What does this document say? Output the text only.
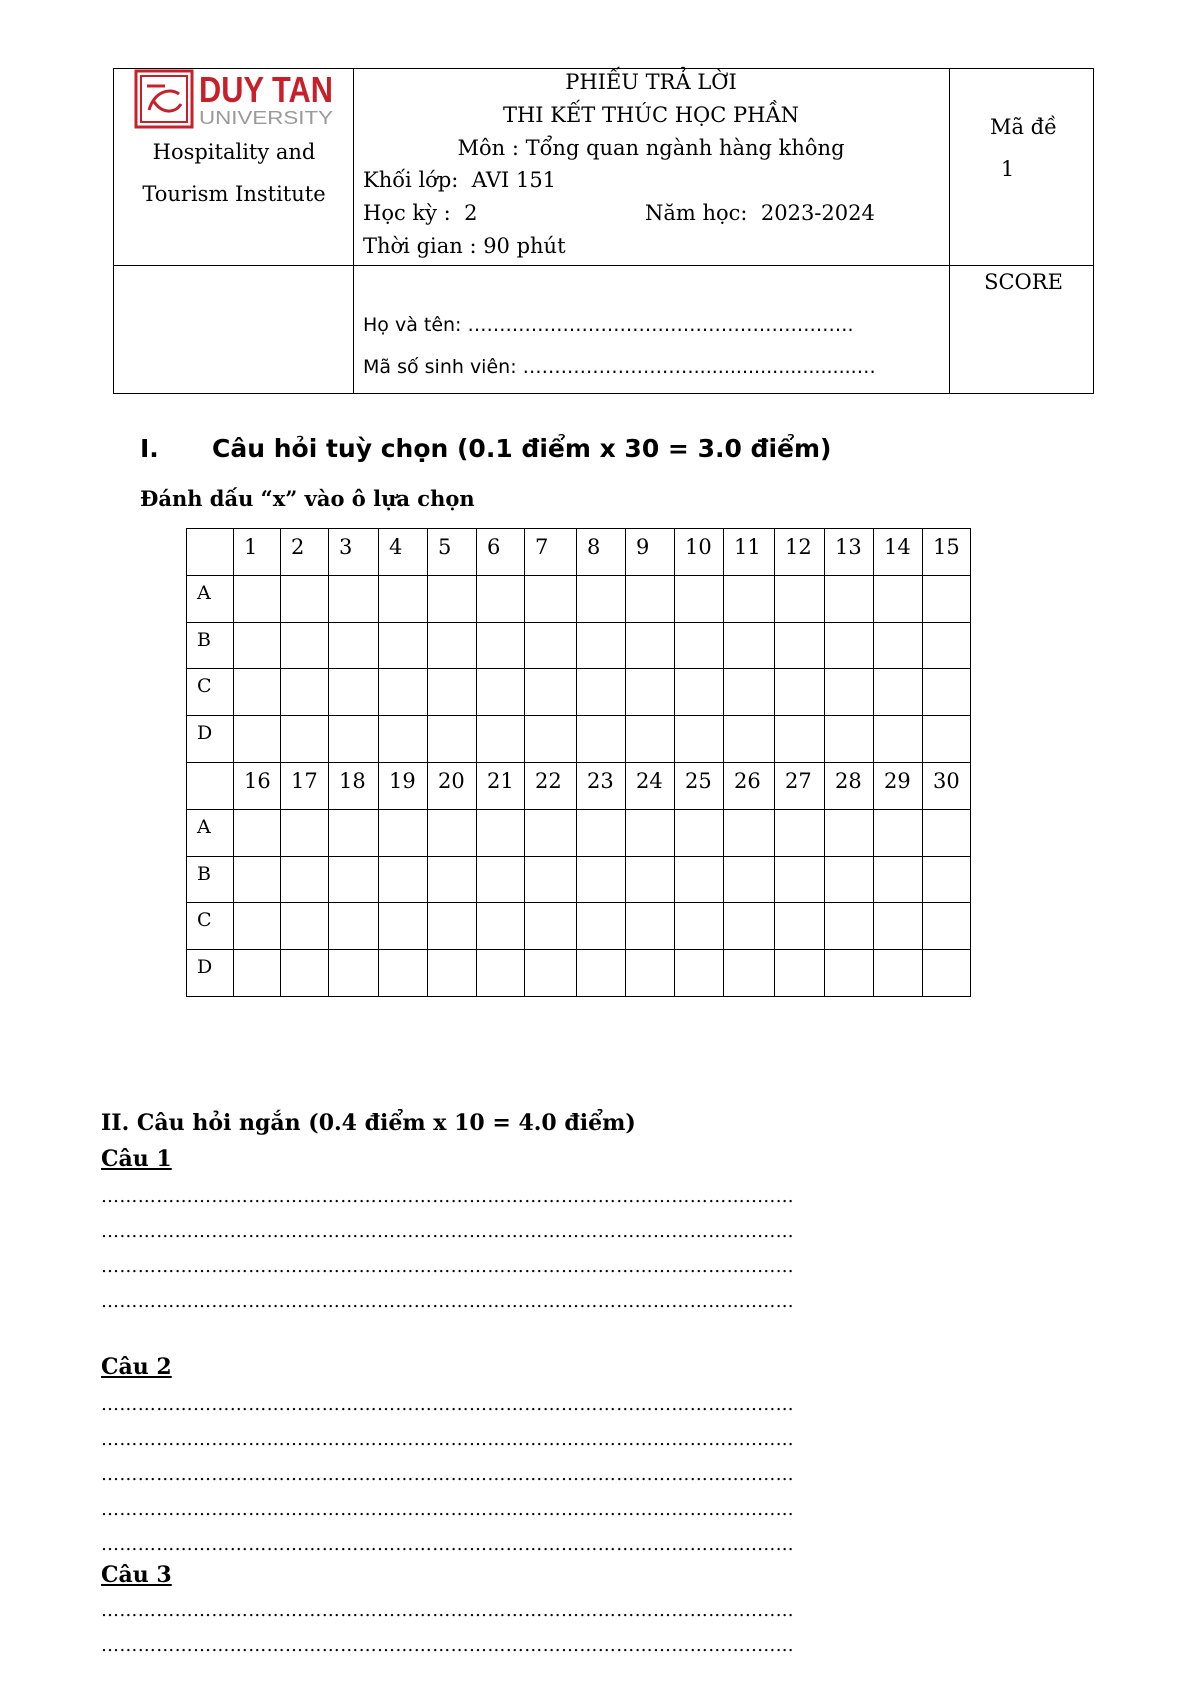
DUY TAN
UNIVERSITY
Hospitality and
Tourism Institute
PHIẾU TRẢ LỜI
THI KẾT THÚC HỌC PHẦN
Môn : Tổng quan ngành hàng không
Khối lớp: AVI 151
Học kỳ : 2	Năm học: 2023-2024
Thời gian : 90 phút
Mã đề
1
SCORE
Họ và tên: …………………………………………………….
Mã số sinh viên: ………………………...........................…
I. Câu hỏi tuỳ chọn (0.1 điểm x 30 = 3.0 điểm)
Đánh dấu “x” vào ô lựa chọn
	1	2	3	4	5	6	7	8	9	10	11	12	13	14	15
A															
B															
C															
D															
	16	17	18	19	20	21	22	23	24	25	26	27	28	29	30
A															
B															
C															
D															
II. Câu hỏi ngắn (0.4 điểm x 10 = 4.0 điểm)
Câu 1
…………………………………………………………………………………………….....…
…………………………………………………………………………………………….....…
…………………………………………………………………………………………….....…
…………………………………………………………………………………………….....…
Câu 2
…………………………………………………………………………………………….....…
…………………………………………………………………………………………….....…
…………………………………………………………………………………………….....…
…………………………………………………………………………………………….....…
…………………………………………………………………………………………….....…
Câu 3
…………………………………………………………………………………………….....…
…………………………………………………………………………………………….....…
